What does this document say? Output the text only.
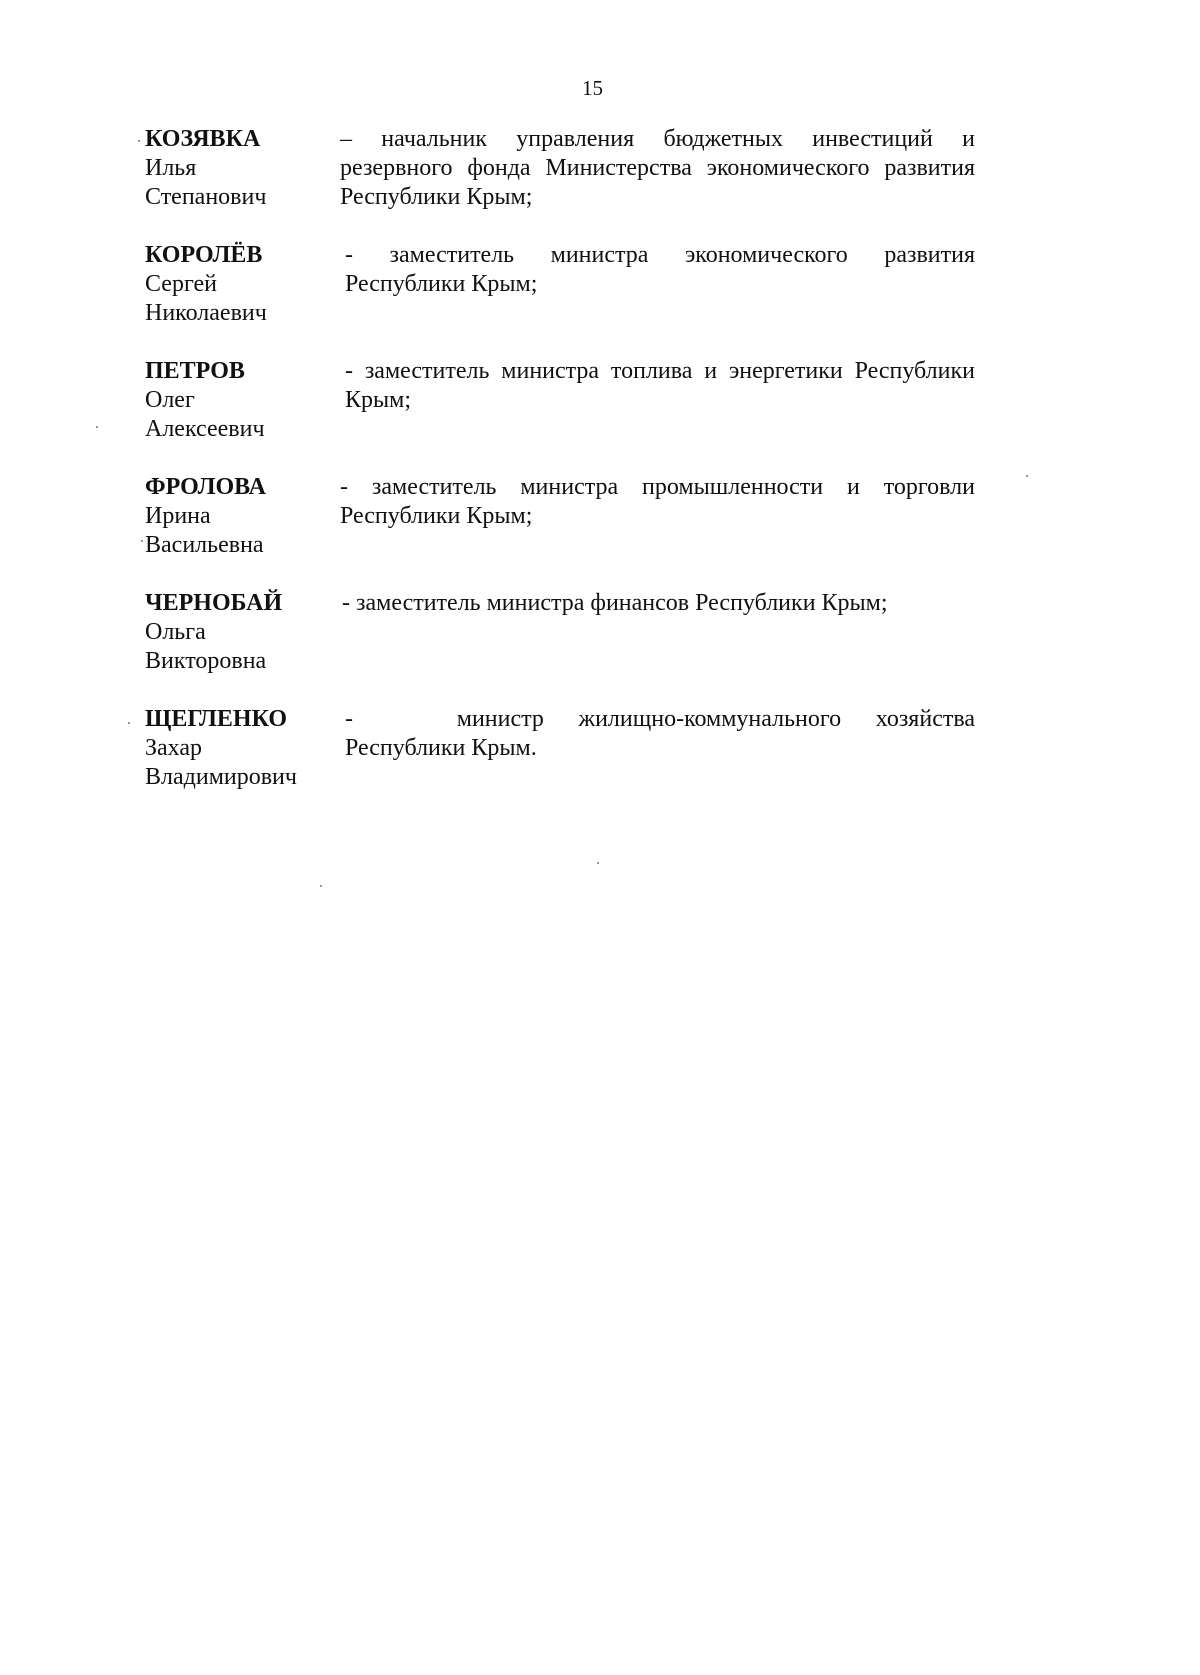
15
КОЗЯВКА
Илья
Степанович
– начальник управления бюджетных инвестиций и резервного фонда Министерства экономического развития Республики Крым;
КОРОЛЁВ
Сергей
Николаевич
- заместитель министра экономического развития Республики Крым;
ПЕТРОВ
Олег
Алексеевич
- заместитель министра топлива и энергетики Республики Крым;
ФРОЛОВА
Ирина
Васильевна
- заместитель министра промышленности и торговли Республики Крым;
ЧЕРНОБАЙ
Ольга
Викторовна
- заместитель министра финансов Республики Крым;
ЩЕГЛЕНКО
Захар
Владимирович
-      министр  жилищно-коммунального  хозяйства Республики Крым.
